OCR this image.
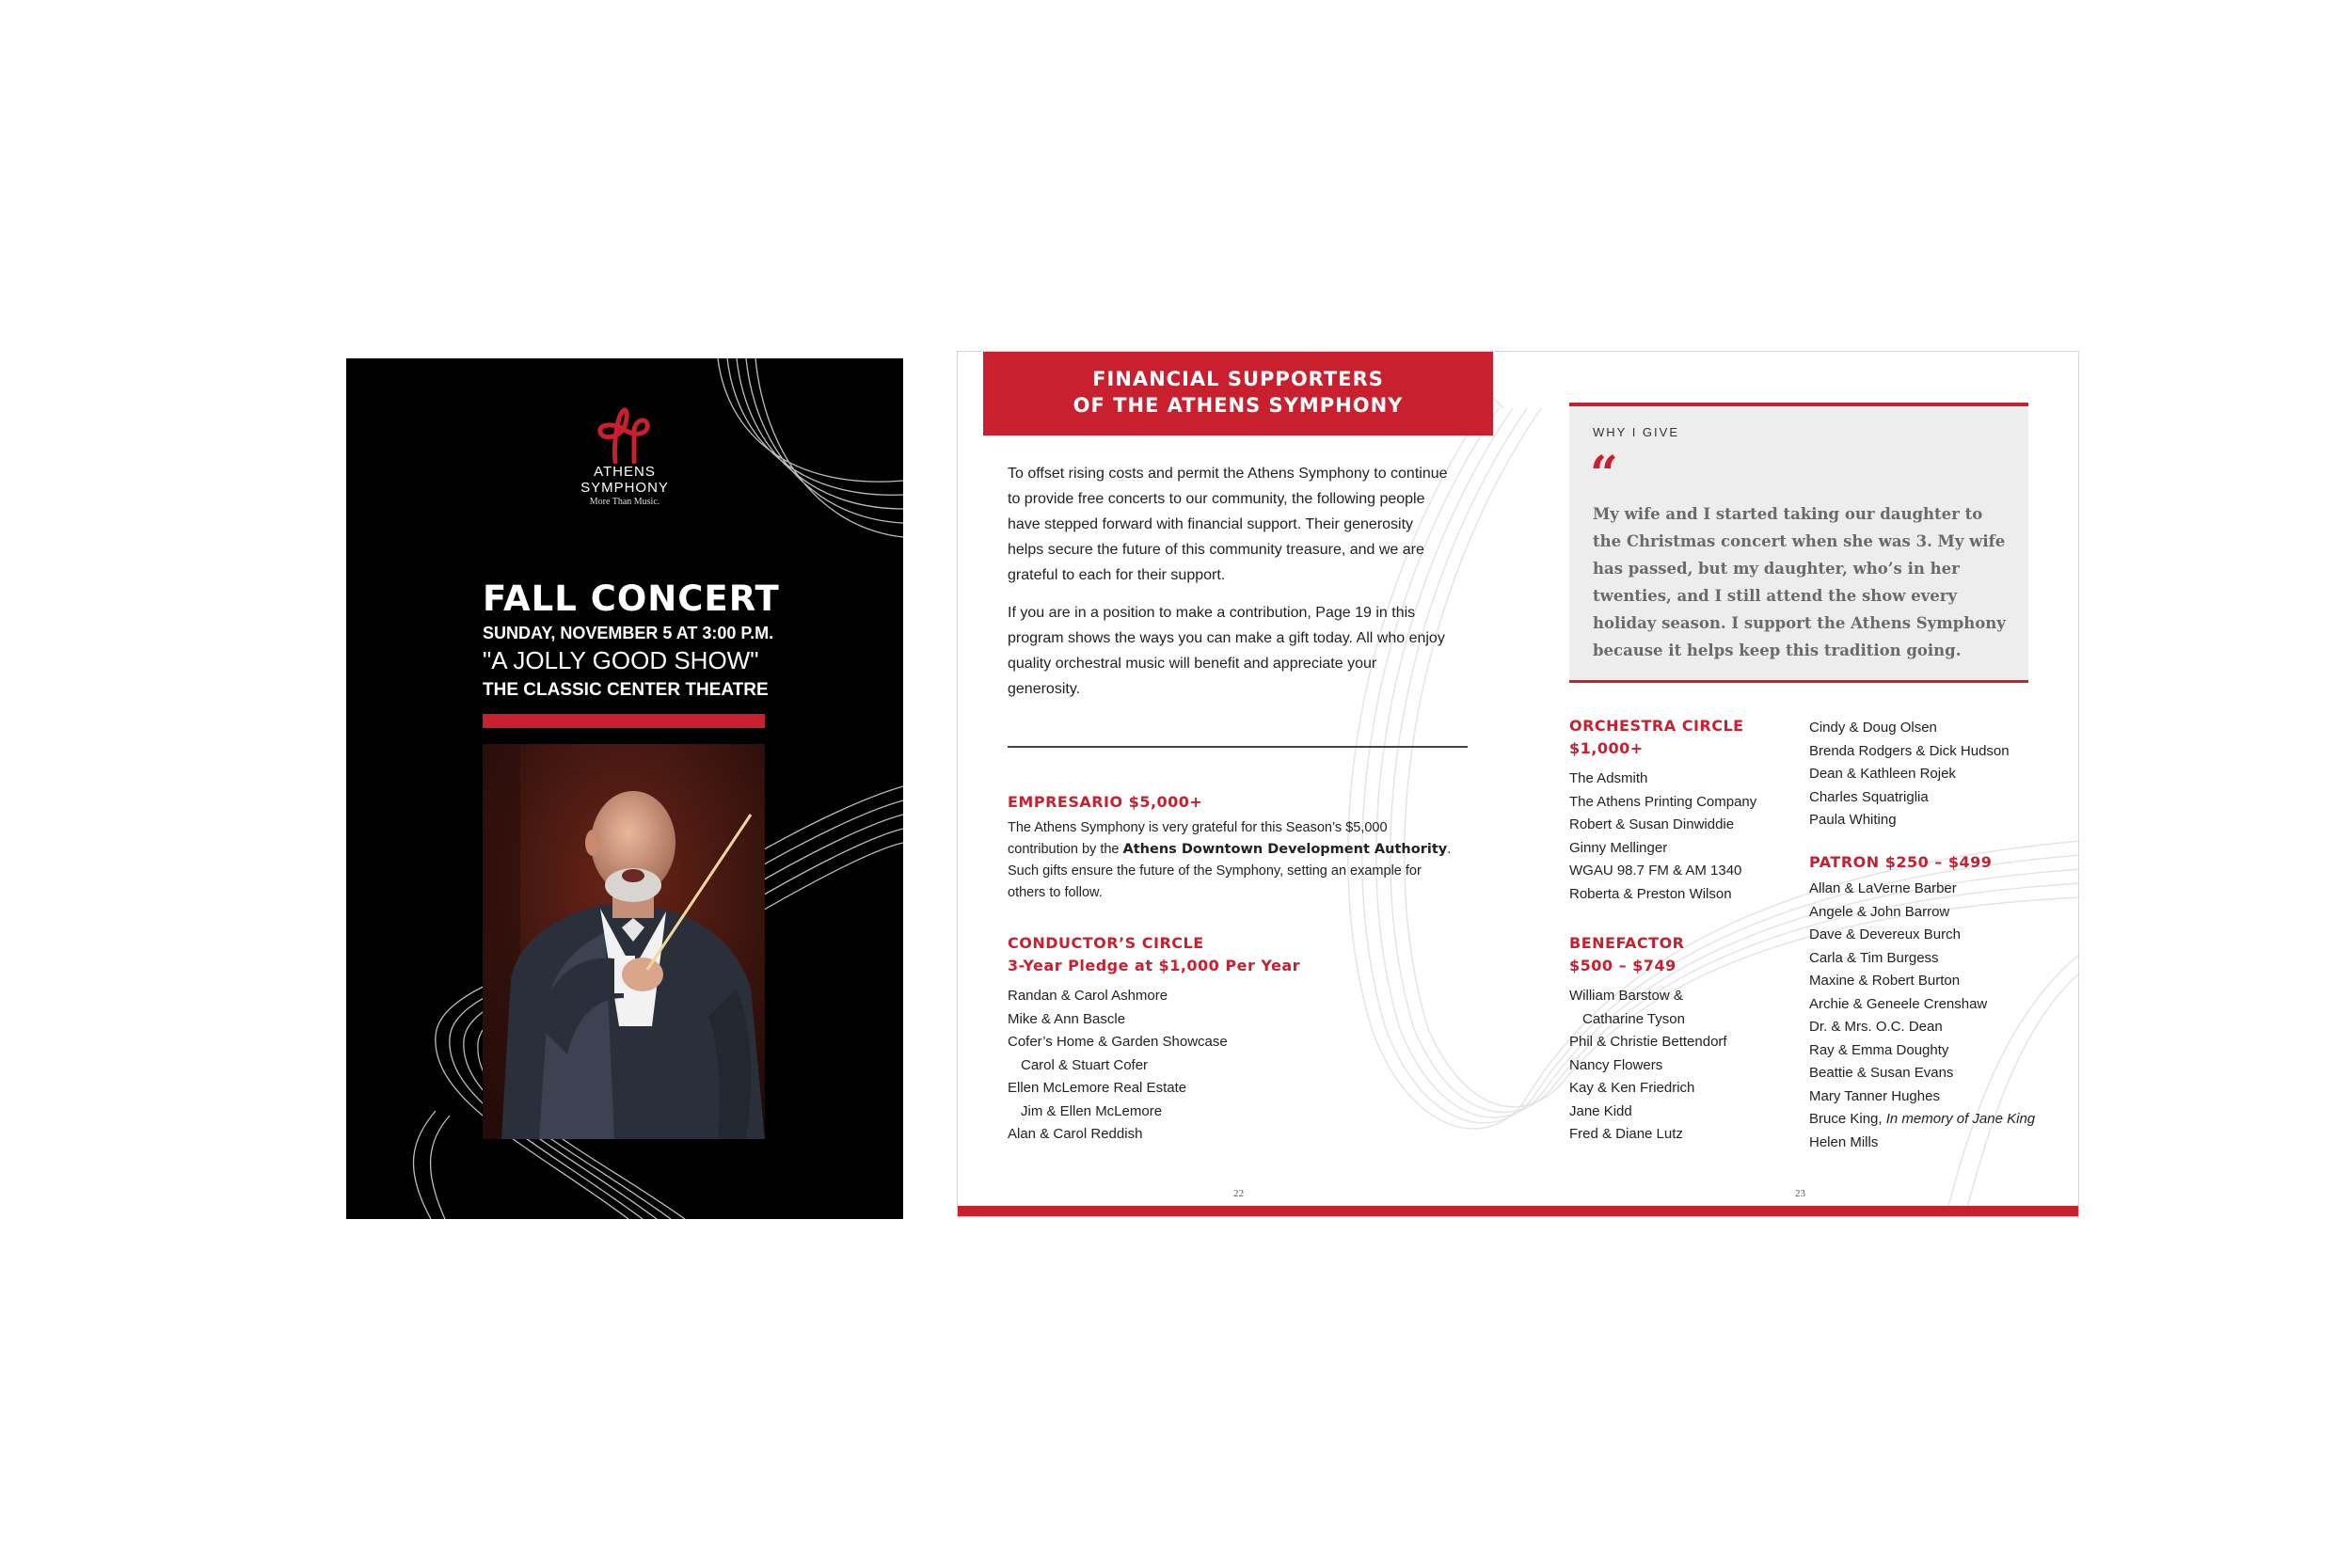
ATHENS
SYMPHONY
More Than Music.
FALL CONCERT
SUNDAY, NOVEMBER 5 AT 3:00 P.M.
"A JOLLY GOOD SHOW"
THE CLASSIC CENTER THEATRE
FINANCIAL SUPPORTERS
OF THE ATHENS SYMPHONY

To offset rising costs and permit the Athens Symphony to continue to provide free concerts to our community, the following people have stepped forward with financial support. Their generosity helps secure the future of this community treasure, and we are grateful to each for their support.

If you are in a position to make a contribution, Page 19 in this program shows the ways you can make a gift today. All who enjoy quality orchestral music will benefit and appreciate your generosity.

EMPRESARIO $5,000+

The Athens Symphony is very grateful for this Season’s $5,000 contribution by the Athens Downtown Development Authority. Such gifts ensure the future of the Symphony, setting an example for others to follow.

CONDUCTOR’S CIRCLE
3-Year Pledge at $1,000 Per Year
Randan & Carol Ashmore
Mike & Ann Bascle
Cofer’s Home & Garden Showcase
Carol & Stuart Cofer
Ellen McLemore Real Estate
Jim & Ellen McLemore
Alan & Carol Reddish
22
WHY I GIVE
“
My wife and I started taking our daughter to the Christmas concert when she was 3. My wife has passed, but my daughter, who’s in her twenties, and I still attend the show every holiday season. I support the Athens Symphony because it helps keep this tradition going.
ORCHESTRA CIRCLE
$1,000+
The Adsmith
The Athens Printing Company
Robert & Susan Dinwiddie
Ginny Mellinger
WGAU 98.7 FM & AM 1340
Roberta & Preston Wilson
BENEFACTOR
$500 – $749
William Barstow &
Catharine Tyson
Phil & Christie Bettendorf
Nancy Flowers
Kay & Ken Friedrich
Jane Kidd
Fred & Diane Lutz
Cindy & Doug Olsen
Brenda Rodgers & Dick Hudson
Dean & Kathleen Rojek
Charles Squatriglia
Paula Whiting
PATRON $250 – $499
Allan & LaVerne Barber
Angele & John Barrow
Dave & Devereux Burch
Carla & Tim Burgess
Maxine & Robert Burton
Archie & Geneele Crenshaw
Dr. & Mrs. O.C. Dean
Ray & Emma Doughty
Beattie & Susan Evans
Mary Tanner Hughes
Bruce King, In memory of Jane King
Helen Mills
23
